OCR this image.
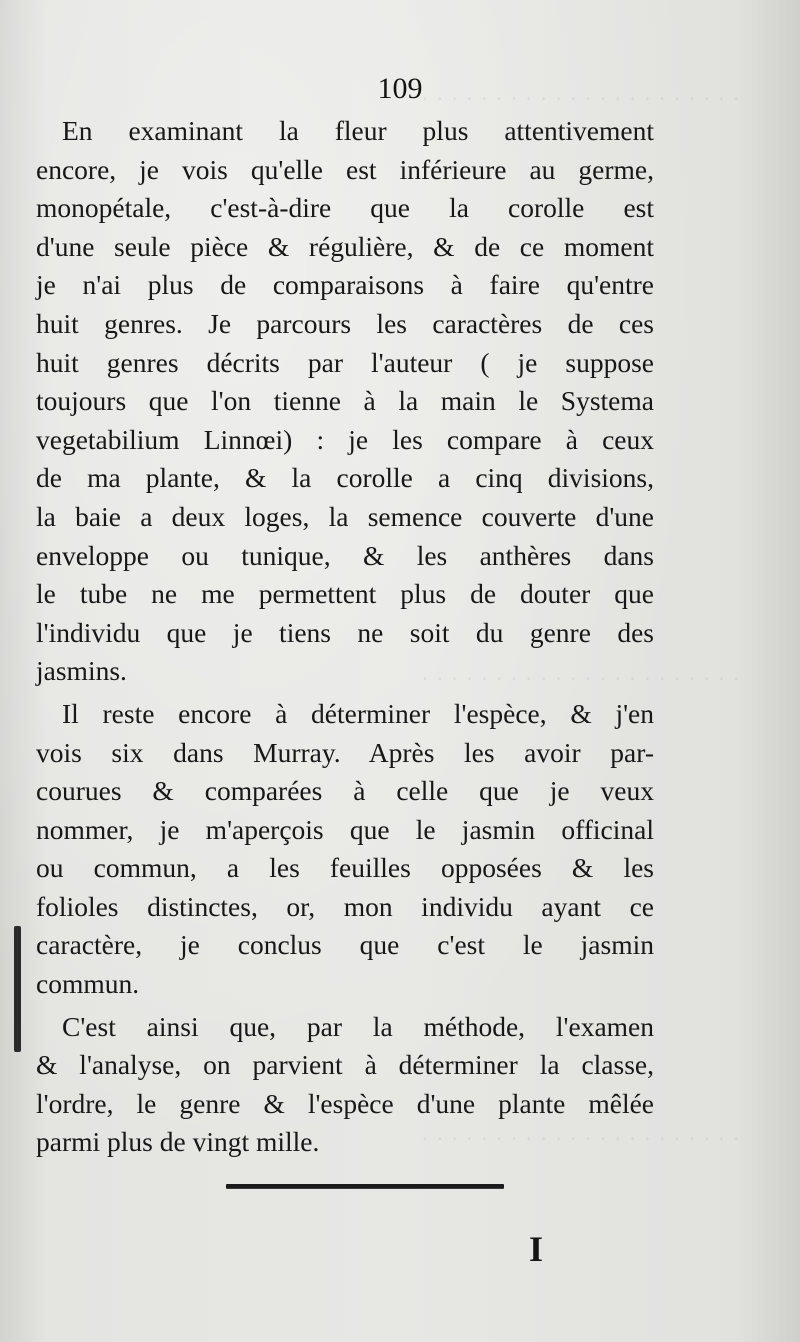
· · · · · · · · · · · · · · · · · · · · · ·
· · · · · · · · · · · · · · · · · · · · · ·
· · · · · · · · · · · · · · · · · · · · · ·
109
En examinant la fleur plus attentivement
encore, je vois qu'elle est inférieure au germe,
monopétale, c'est-à-dire que la corolle est
d'une seule pièce & régulière, & de ce moment
je n'ai plus de comparaisons à faire qu'entre
huit genres. Je parcours les caractères de ces
huit genres décrits par l'auteur ( je suppose
toujours que l'on tienne à la main le Systema
vegetabilium Linnœi) : je les compare à ceux
de ma plante, & la corolle a cinq divisions,
la baie a deux loges, la semence couverte d'une
enveloppe ou tunique, & les anthères dans
le tube ne me permettent plus de douter que
l'individu que je tiens ne soit du genre des
jasmins.
Il reste encore à déterminer l'espèce, & j'en
vois six dans Murray. Après les avoir par-
courues & comparées à celle que je veux
nommer, je m'aperçois que le jasmin officinal
ou commun, a les feuilles opposées & les
folioles distinctes, or, mon individu ayant ce
caractère, je conclus que c'est le jasmin
commun.
C'est ainsi que, par la méthode, l'examen
& l'analyse, on parvient à déterminer la classe,
l'ordre, le genre & l'espèce d'une plante mêlée
parmi plus de vingt mille.
I
